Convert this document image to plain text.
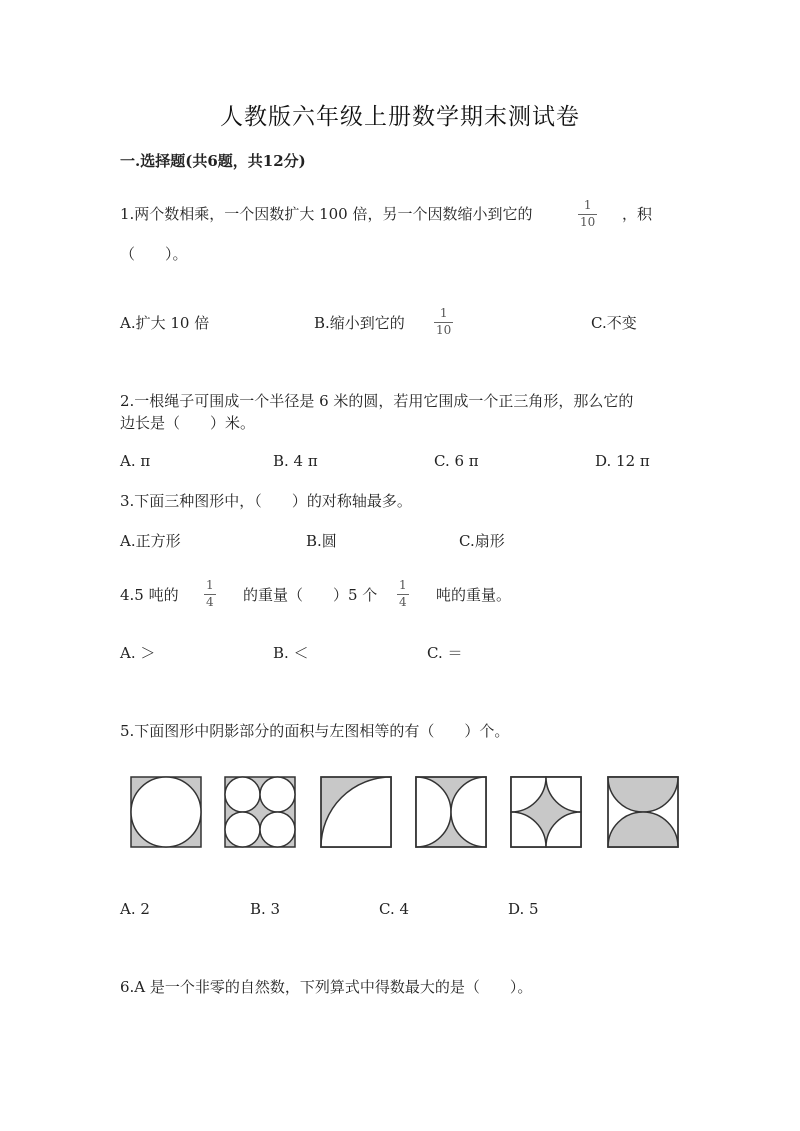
人教版六年级上册数学期末测试卷
一.选择题(共6题，共12分)
1.两个数相乘，一个因数扩大 100 倍，另一个因数缩小到它的	1
10 ，积
（　　）。
A.扩大 10 倍	B.缩小到它的
1
10	C.不变
2.一根绳子可围成一个半径是 6 米的圆，若用它围成一个正三角形，那么它的
边长是（　　）米。
A. π	B. 4 π	C. 6 π	D. 12 π
3.下面三种图形中，（　　）的对称轴最多。
A.正方形	B.圆	C.扇形
4.5 吨的
1
4 的重量（　　）5 个
1
4 吨的重量。
A. ＞	B. ＜	C. ＝
5.下面图形中阴影部分的面积与左图相等的有（　　）个。
A. 2	B. 3	C. 4	D. 5
6.A 是一个非零的自然数，下列算式中得数最大的是（　　）。
